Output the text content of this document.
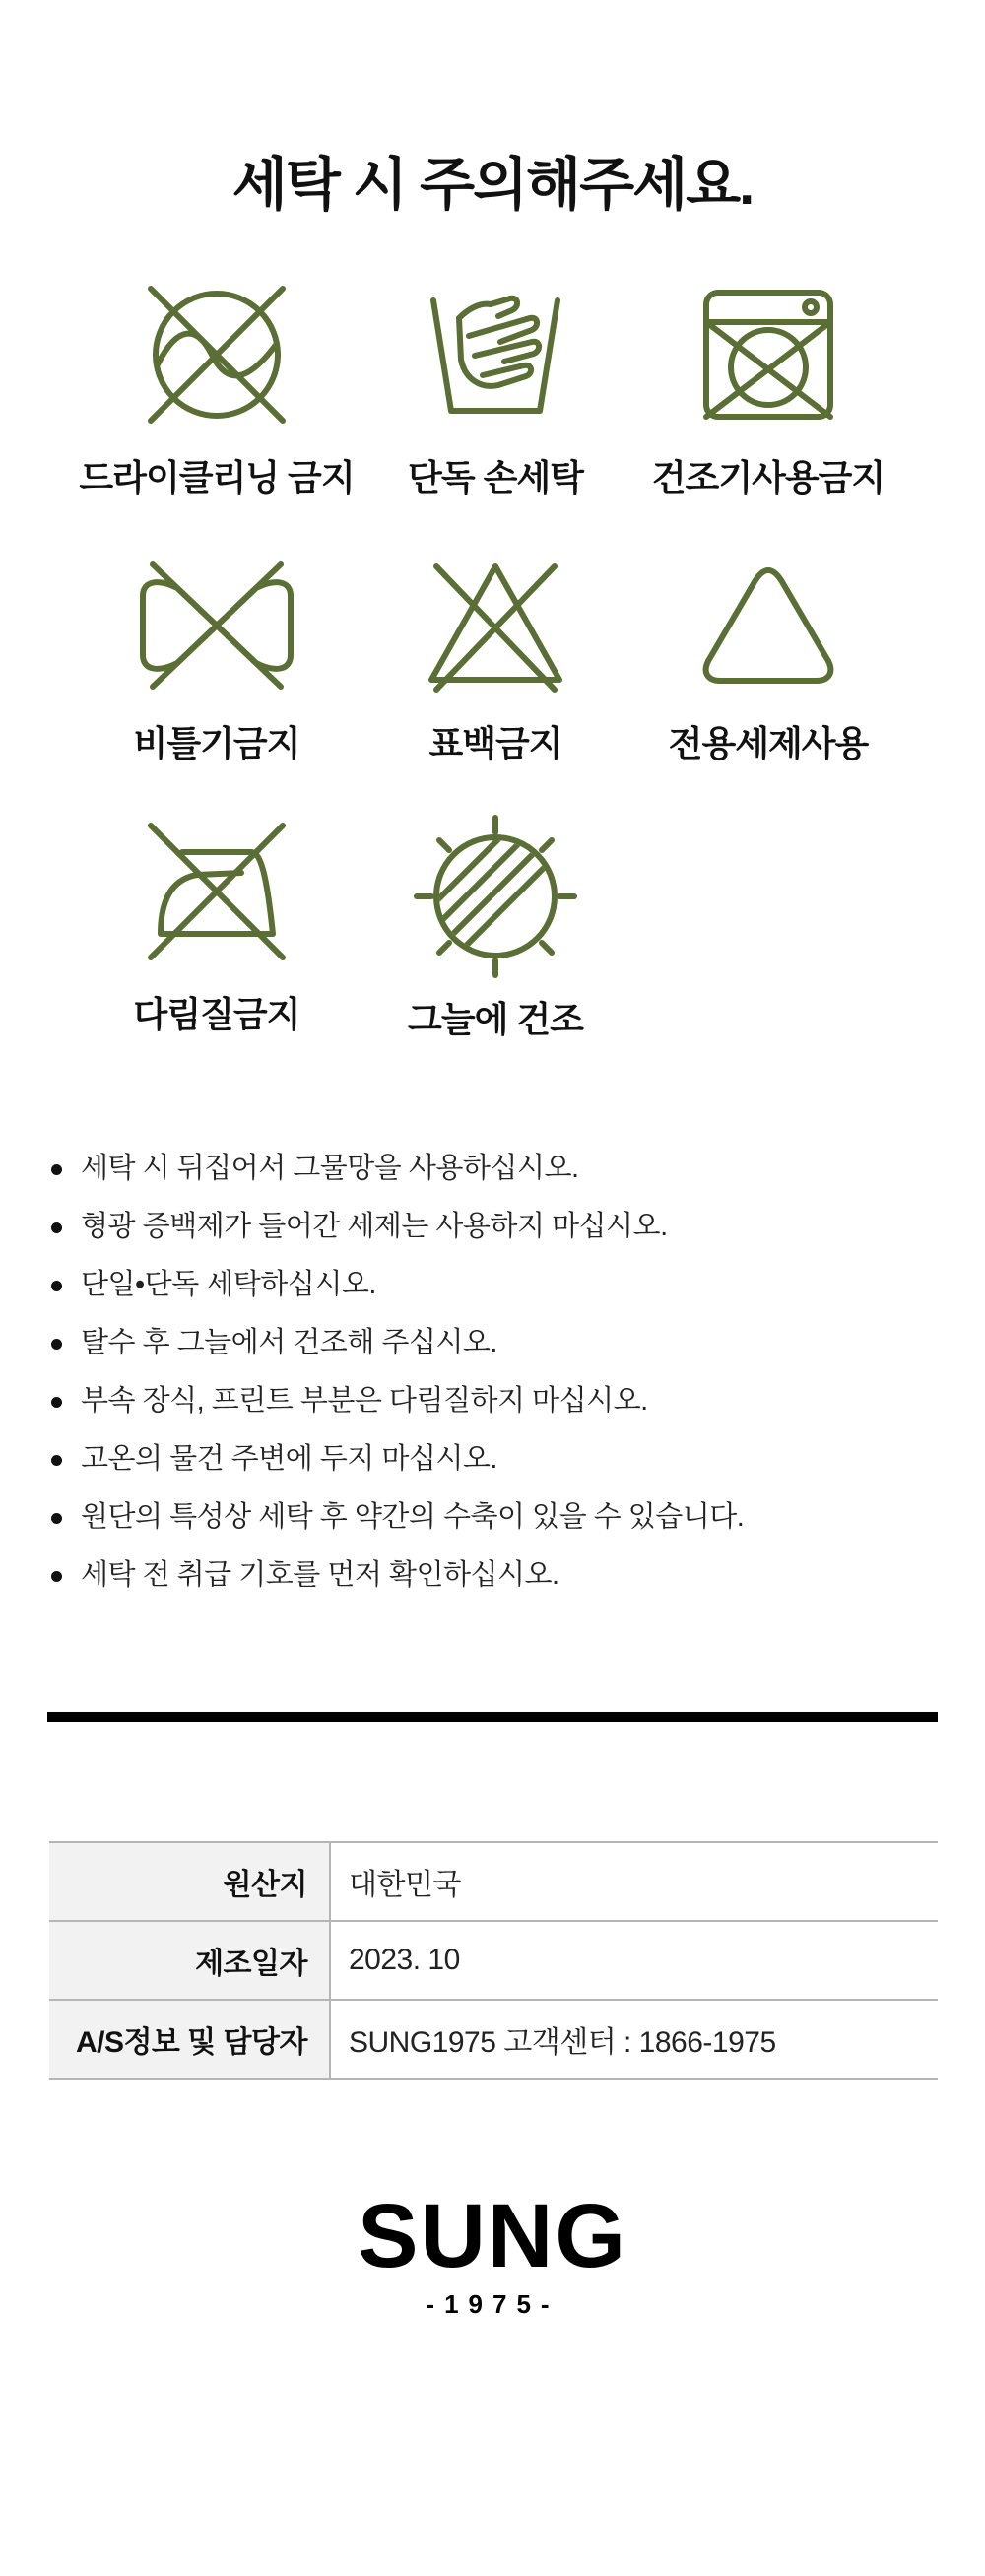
세탁 시 주의해주세요.
드라이클리닝 금지	단독 손세탁	건조기사용금지
비틀기금지	표백금지	전용세제사용
다림질금지	그늘에 건조
세탁 시 뒤집어서 그물망을 사용하십시오.
형광 증백제가 들어간 세제는 사용하지 마십시오.
단일•단독 세탁하십시오.
탈수 후 그늘에서 건조해 주십시오.
부속 장식, 프린트 부분은 다림질하지 마십시오.
고온의 물건 주변에 두지 마십시오.
원단의 특성상 세탁 후 약간의 수축이 있을 수 있습니다.
세탁 전 취급 기호를 먼저 확인하십시오.
원산지	대한민국
제조일자	2023. 10
A/S정보 및 담당자	SUNG1975 고객센터 : 1866-1975
SUNG
-1975-
